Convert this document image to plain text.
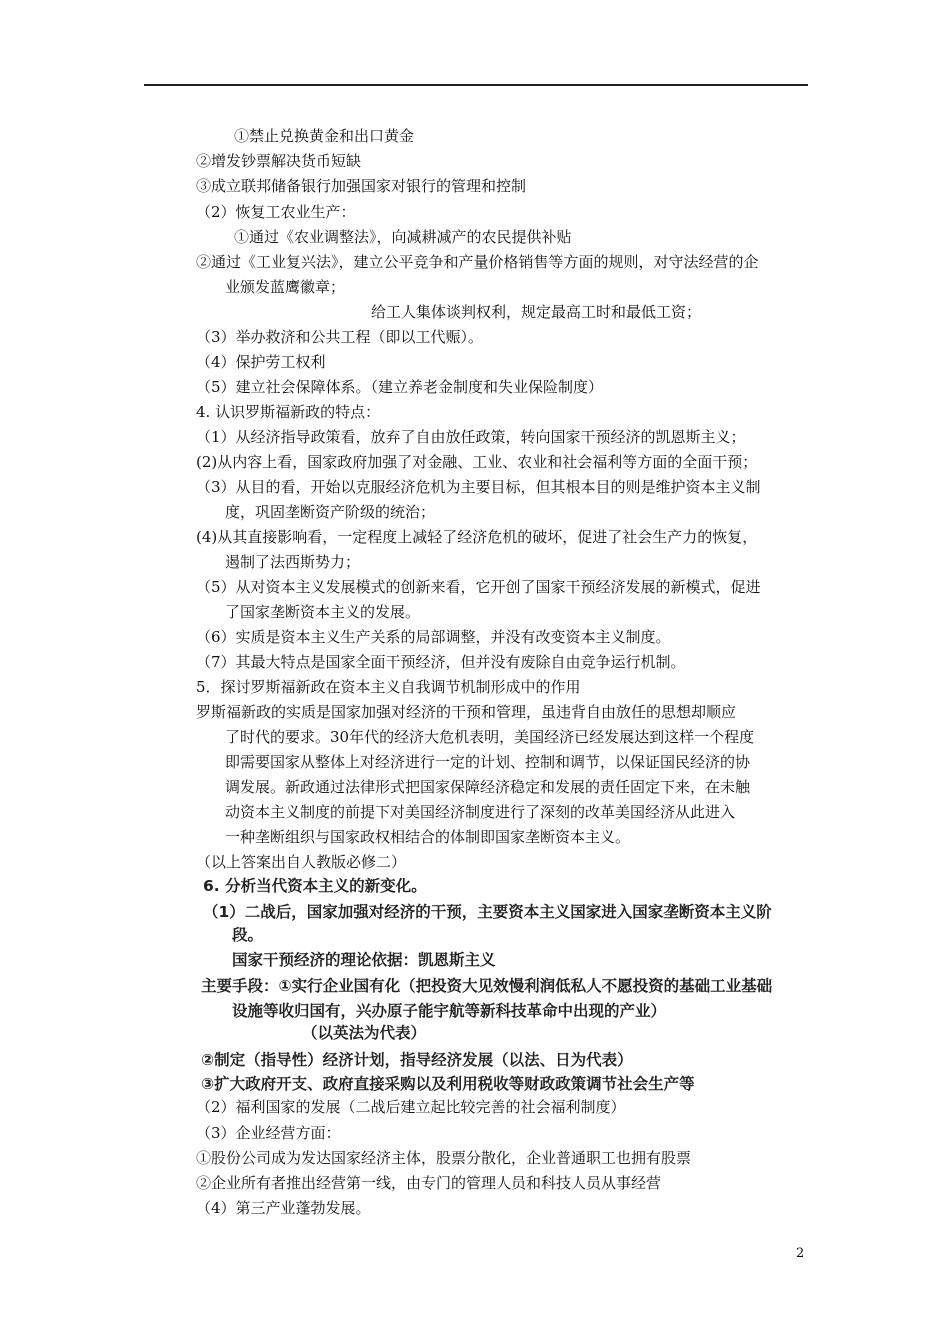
①禁止兑换黄金和出口黄金
②增发钞票解决货币短缺
③成立联邦储备银行加强国家对银行的管理和控制
（2）恢复工农业生产：
①通过《农业调整法》，向减耕减产的农民提供补贴
②通过《工业复兴法》，建立公平竞争和产量价格销售等方面的规则，对守法经营的企
业颁发蓝鹰徽章；
给工人集体谈判权利，规定最高工时和最低工资；
（3）举办救济和公共工程（即以工代赈）。
（4）保护劳工权利
（5）建立社会保障体系。（建立养老金制度和失业保险制度）
4. 认识罗斯福新政的特点：
（1）从经济指导政策看，放弃了自由放任政策，转向国家干预经济的凯恩斯主义；
(2)从内容上看，国家政府加强了对金融、工业、农业和社会福利等方面的全面干预；
（3）从目的看，开始以克服经济危机为主要目标，但其根本目的则是维护资本主义制
度，巩固垄断资产阶级的统治；
(4)从其直接影响看，一定程度上减轻了经济危机的破坏，促进了社会生产力的恢复，
遏制了法西斯势力；
（5）从对资本主义发展模式的创新来看，它开创了国家干预经济发展的新模式，促进
了国家垄断资本主义的发展。
（6）实质是资本主义生产关系的局部调整，并没有改变资本主义制度。
（7）其最大特点是国家全面干预经济，但并没有废除自由竞争运行机制。
5．探讨罗斯福新政在资本主义自我调节机制形成中的作用
罗斯福新政的实质是国家加强对经济的干预和管理，虽违背自由放任的思想却顺应
了时代的要求。30年代的经济大危机表明，美国经济已经发展达到这样一个程度
即需要国家从整体上对经济进行一定的计划、控制和调节，以保证国民经济的协
调发展。新政通过法律形式把国家保障经济稳定和发展的责任固定下来，在未触
动资本主义制度的前提下对美国经济制度进行了深刻的改革美国经济从此进入
一种垄断组织与国家政权相结合的体制即国家垄断资本主义。
（以上答案出自人教版必修二）
6. 分析当代资本主义的新变化。
（1）二战后，国家加强对经济的干预，主要资本主义国家进入国家垄断资本主义阶
段。
国家干预经济的理论依据：凯恩斯主义
主要手段：①实行企业国有化（把投资大见效慢利润低私人不愿投资的基础工业基础
设施等收归国有，兴办原子能宇航等新科技革命中出现的产业）
（以英法为代表）
②制定（指导性）经济计划，指导经济发展（以法、日为代表）
③扩大政府开支、政府直接采购以及利用税收等财政政策调节社会生产等
（2）福利国家的发展（二战后建立起比较完善的社会福利制度）
（3）企业经营方面：
①股份公司成为发达国家经济主体，股票分散化，企业普通职工也拥有股票
②企业所有者推出经营第一线，由专门的管理人员和科技人员从事经营
（4）第三产业蓬勃发展。
2
